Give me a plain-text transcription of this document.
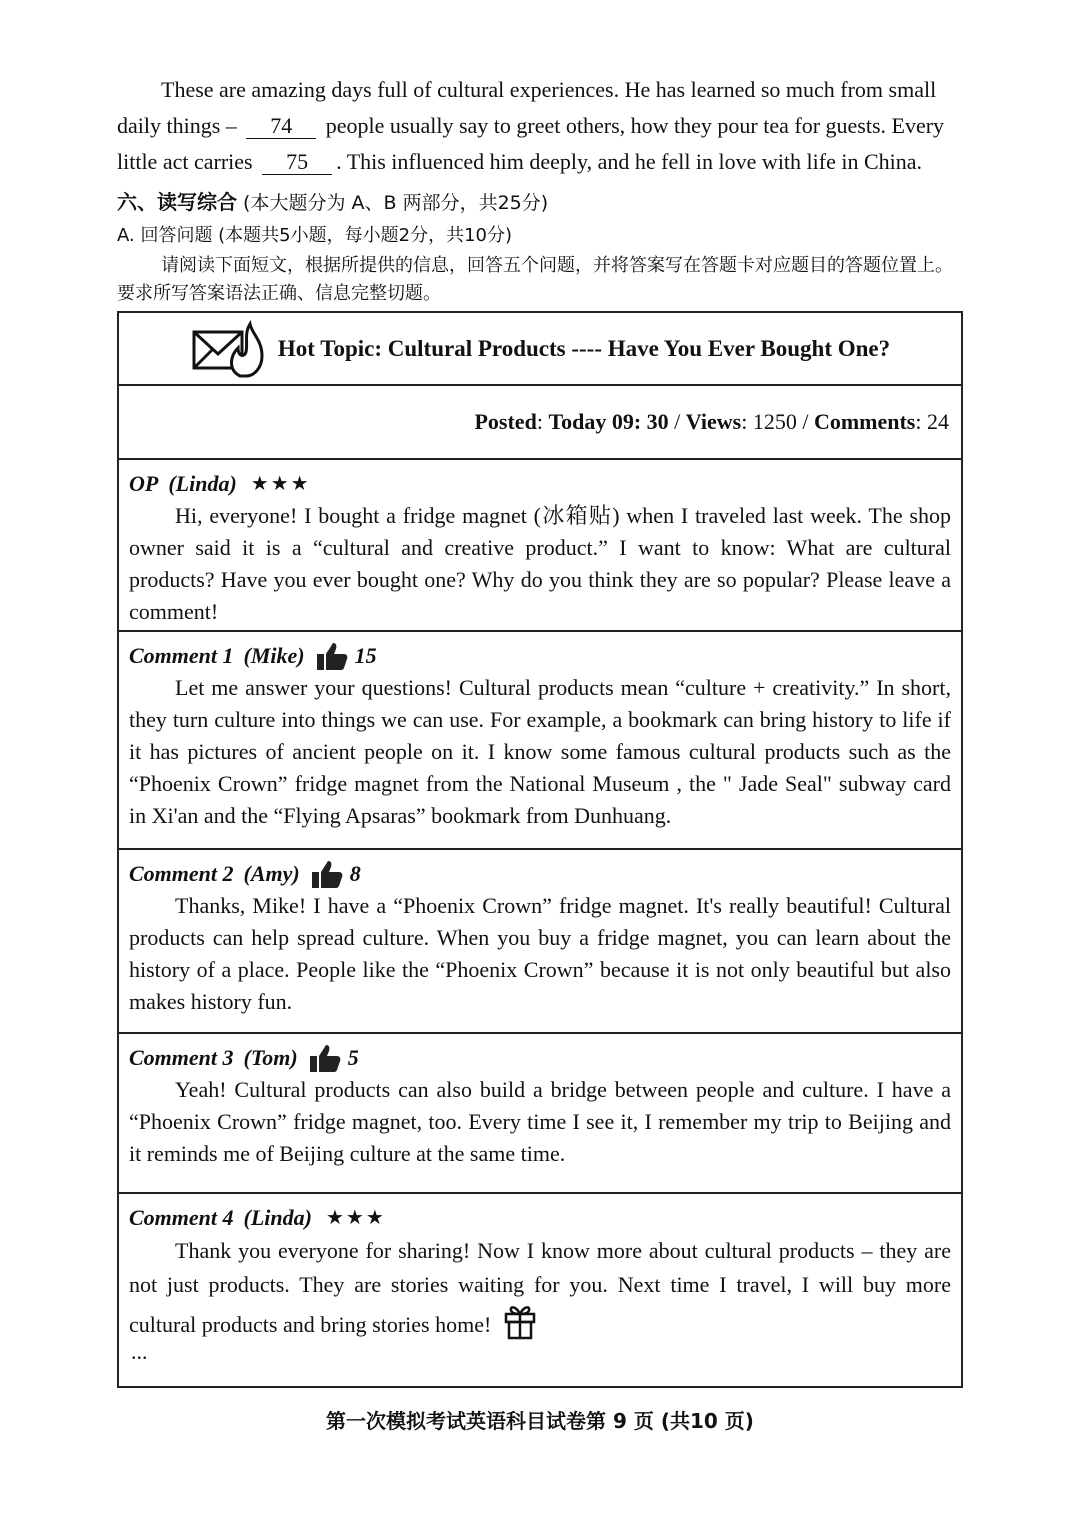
These are amazing days full of cultural experiences. He has learned so much from small

daily things – 74 people usually say to greet others, how they pour tea for guests. Every

little act carries 75 . This influenced him deeply, and he fell in love with life in China.

六、读写综合 (本大题分为 A、B 两部分，共25分)
A. 回答问题 (本题共5小题，每小题2分，共10分)
请阅读下面短文，根据所提供的信息，回答五个问题，并将答案写在答题卡对应题目的答题位置上。要求所写答案语法正确、信息完整切题。
Hot Topic: Cultural Products ---- Have You Ever Bought One?
Posted : Today 09: 30 / Views : 1250 / Comments : 24
OP (Linda) ★★★

Hi, everyone! I bought a fridge magnet (冰箱贴) when I traveled last week. The shop owner said it is a “cultural and creative product.” I want to know: What are cultural products? Have you ever bought one? Why do you think they are so popular? Please leave a comment!

Comment 1 (Mike) 15

Let me answer your questions! Cultural products mean “culture + creativity.” In short, they turn culture into things we can use. For example, a bookmark can bring history to life if it has pictures of ancient people on it. I know some famous cultural products such as the “Phoenix Crown” fridge magnet from the National Museum , the " Jade Seal" subway card in Xi'an and the “Flying Apsaras” bookmark from Dunhuang.

Comment 2 (Amy) 8

Thanks, Mike! I have a “Phoenix Crown” fridge magnet. It's really beautiful! Cultural products can help spread culture. When you buy a fridge magnet, you can learn about the history of a place. People like the “Phoenix Crown” because it is not only beautiful but also makes history fun.

Comment 3 (Tom) 5

Yeah! Cultural products can also build a bridge between people and culture. I have a “Phoenix Crown” fridge magnet, too. Every time I see it, I remember my trip to Beijing and it reminds me of Beijing culture at the same time.

Comment 4 (Linda) ★★★

Thank you everyone for sharing! Now I know more about cultural products – they are not just products. They are stories waiting for you. Next time I travel, I will buy more cultural products and bring stories home!

...
第一次模拟考试英语科目试卷第 9 页 (共10 页)
